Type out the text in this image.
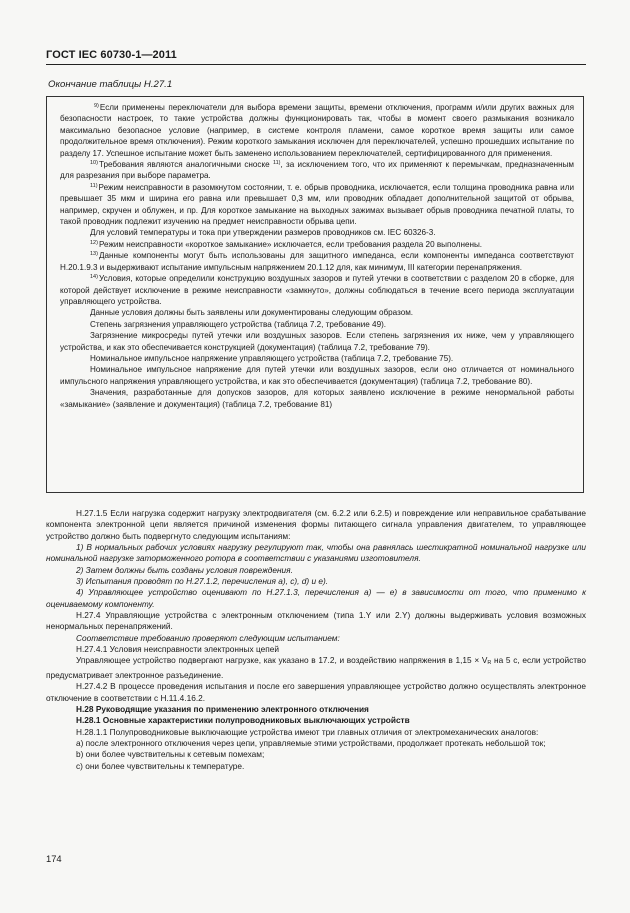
ГОСТ IEC 60730-1—2011
Окончание таблицы Н.27.1

$^{9)}$Если применены переключатели для выбора времени защиты, времени отключения, программ и/или других важных для безопасности настроек, то такие устройства должны функционировать так, чтобы в момент своего размыкания возникало максимально безопасное условие (например, в системе контроля пламени, самое короткое время защиты или самое продолжительное время отключения). Режим короткого замыкания исключен для переключателей, успешно прошедших испытание по разделу 17. Успешное испытание может быть заменено использованием переключателей, сертифицированного для применения.

$^{10)}$Требования являются аналогичными сноске $^{11)}$, за исключением того, что их применяют к перемычкам, предназначенным для разрезания при выборе параметра.

$^{11)}$Режим неисправности в разомкнутом состоянии, т. е. обрыв проводника, исключается, если толщина проводника равна или превышает 35 мкм и ширина его равна или превышает 0,3 мм, или проводник обладает дополнительной защитой от обрыва, например, скручен и облужен, и пр. Для короткое замыкание на выходных зажимах вызывает обрыв проводника печатной платы, то такой проводник подлежит изучению на предмет неисправности обрыва цепи.

Для условий температуры и тока при утверждении размеров проводников см. IEC 60326-3.

$^{12)}$Режим неисправности «короткое замыкание» исключается, если требования раздела 20 выполнены.

$^{13)}$Данные компоненты могут быть использованы для защитного импеданса, если компоненты импеданса соответствуют Н.20.1.9.3 и выдерживают испытание импульсным напряжением 20.1.12 для, как минимум, III категории перенапряжения.

$^{14)}$Условия, которые определили конструкцию воздушных зазоров и путей утечки в соответствии с разделом 20 в сборке, для которой действует исключение в режиме неисправности «замкнуто», должны соблюдаться в течение всего периода эксплуатации управляющего устройства.

Данные условия должны быть заявлены или документированы следующим образом.

Степень загрязнения управляющего устройства (таблица 7.2, требование 49).

Загрязнение микросреды путей утечки или воздушных зазоров. Если степень загрязнения их ниже, чем у управляющего устройства, и как это обеспечивается конструкцией (документация) (таблица 7.2, требование 79).

Номинальное импульсное напряжение управляющего устройства (таблица 7.2, требование 75).

Номинальное импульсное напряжение для путей утечки или воздушных зазоров, если оно отличается от номинального импульсного напряжения управляющего устройства, и как это обеспечивается (документация) (таблица 7.2, требование 80).

Значения, разработанные для допусков зазоров, для которых заявлено исключение в режиме ненормальной работы «замыкание» (заявление и документация) (таблица 7.2, требование 81)

Н.27.1.5 Если нагрузка содержит нагрузку электродвигателя (см. 6.2.2 или 6.2.5) и повреждение или неправильное срабатывание компонента электронной цепи является причиной изменения формы питающего сигнала управления двигателем, то управляющее устройство должно быть подвергнуто следующим испытаниям:

1) В нормальных рабочих условиях нагрузку регулируют так, чтобы она равнялась шестикратной номинальной нагрузке или номинальной нагрузке заторможенного ротора в соответствии с указаниями изготовителя.

2) Затем должны быть созданы условия повреждения.

3) Испытания проводят по Н.27.1.2, перечисления а), с), d) и е).

4) Управляющее устройство оценивают по Н.27.1.3, перечисления а) — е) в зависимости от того, что применимо к оцениваемому компоненту.

Н.27.4 Управляющие устройства с электронным отключением (типа 1.Y или 2.Y) должны выдерживать условия возможных ненормальных перенапряжений.

Соответствие требованию проверяют следующим испытанием:

Н.27.4.1 Условия неисправности электронных цепей

Управляющее устройство подвергают нагрузке, как указано в 17.2, и воздействию напряжения в $1,15 \times V_R$ на 5 с, если устройство предусматривает электронное разъединение.

Н.27.4.2 В процессе проведения испытания и после его завершения управляющее устройство должно осуществлять электронное отключение в соответствии с Н.11.4.16.2.

Н.28 Руководящие указания по применению электронного отключения

Н.28.1 Основные характеристики полупроводниковых выключающих устройств

Н.28.1.1 Полупроводниковые выключающие устройства имеют три главных отличия от электромеханических аналогов:

а) после электронного отключения через цепи, управляемые этими устройствами, продолжает протекать небольшой ток;

b) они более чувствительны к сетевым помехам;

c) они более чувствительны к температуре.

174
